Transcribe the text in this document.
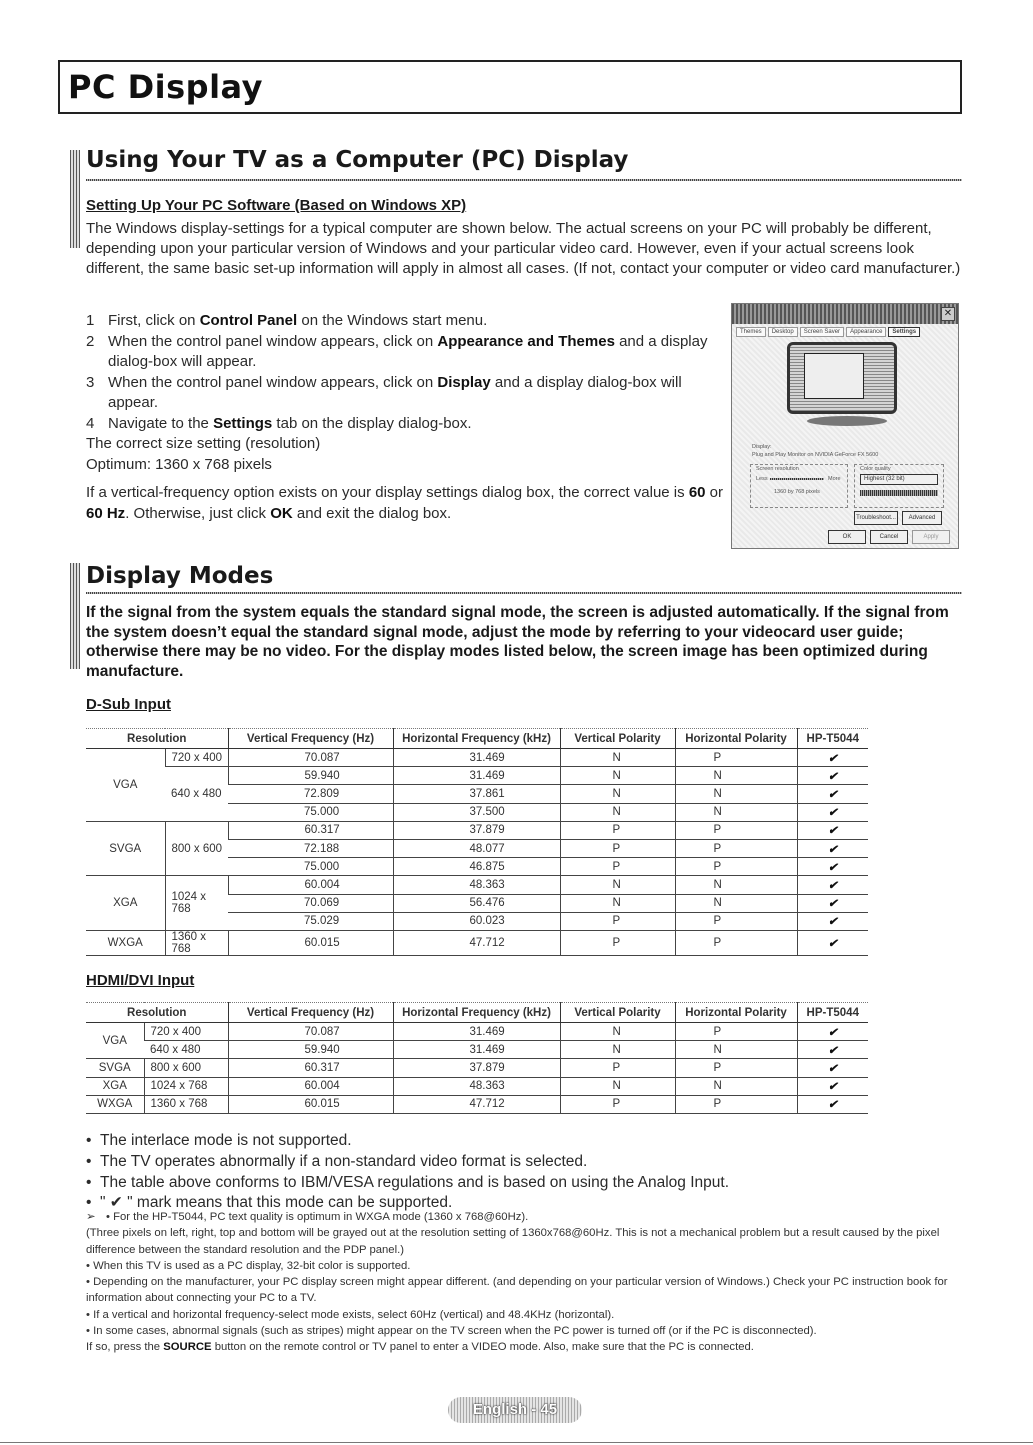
PC Display
Using Your TV as a Computer (PC) Display
Setting Up Your PC Software (Based on Windows XP)
The Windows display-settings for a typical computer are shown below. The actual screens on your PC will probably be different, depending upon your particular version of Windows and your particular video card. However, even if your actual screens look different, the same basic set-up information will apply in almost all cases. (If not, contact your computer or video card manufacturer.)
1 First, click on Control Panel on the Windows start menu.
2 When the control panel window appears, click on Appearance and Themes and a display dialog-box will appear.
3 When the control panel window appears, click on Display and a display dialog-box will appear.
4 Navigate to the Settings tab on the display dialog-box.
The correct size setting (resolution)
Optimum: 1360 x 768 pixels
If a vertical-frequency option exists on your display settings dialog box, the correct value is 60 or 60 Hz. Otherwise, just click OK and exit the dialog box.
✕
Themes	Desktop	Screen Saver	Appearance	Settings
Display:
Plug and Play Monitor on NVIDIA GeForce FX 5600
Screen resolution
Less	More
1360 by 768 pixels
Color quality
Highest (32 bit)
Troubleshoot...	Advanced
OK	Cancel	Apply
Display Modes
If the signal from the system equals the standard signal mode, the screen is adjusted automatically. If the signal from the system doesn’t equal the standard signal mode, adjust the mode by referring to your videocard user guide; otherwise there may be no video. For the display modes listed below, the screen image has been optimized during manufacture.
D-Sub Input
Resolution		Vertical Frequency (Hz)	Horizontal Frequency (kHz)	Vertical Polarity	Horizontal Polarity	HP-T5044
VGA	720 x 400	70.087	31.469	N	P	✔
	640 x 480	59.940	31.469	N	N	✔
		72.809	37.861	N	N	✔
		75.000	37.500	N	N	✔
SVGA	800 x 600	60.317	37.879	P	P	✔
		72.188	48.077	P	P	✔
		75.000	46.875	P	P	✔
XGA	1024 x 768	60.004	48.363	N	N	✔
		70.069	56.476	N	N	✔
		75.029	60.023	P	P	✔
WXGA	1360 x 768	60.015	47.712	P	P	✔
HDMI/DVI Input
Resolution		Vertical Frequency (Hz)	Horizontal Frequency (kHz)	Vertical Polarity	Horizontal Polarity	HP-T5044
VGA	720 x 400	70.087	31.469	N	P	✔
	640 x 480	59.940	31.469	N	N	✔
SVGA	800 x 600	60.317	37.879	P	P	✔
XGA	1024 x 768	60.004	48.363	N	N	✔
WXGA	1360 x 768	60.015	47.712	P	P	✔
• The interlace mode is not supported.
• The TV operates abnormally if a non-standard video format is selected.
• The table above conforms to IBM/VESA regulations and is based on using the Analog Input.
• " ✔ " mark means that this mode can be supported.
➢ • For the HP-T5044, PC text quality is optimum in WXGA mode (1360 x 768@60Hz).
(Three pixels on left, right, top and bottom will be grayed out at the resolution setting of 1360x768@60Hz. This is not a mechanical problem but a result caused by the pixel difference between the standard resolution and the PDP panel.)
• When this TV is used as a PC display, 32-bit color is supported.
• Depending on the manufacturer, your PC display screen might appear different. (and depending on your particular version of Windows.) Check your PC instruction book for information about connecting your PC to a TV.
• If a vertical and horizontal frequency-select mode exists, select 60Hz (vertical) and 48.4KHz (horizontal).
• In some cases, abnormal signals (such as stripes) might appear on the TV screen when the PC power is turned off (or if the PC is disconnected).
If so, press the SOURCE button on the remote control or TV panel to enter a VIDEO mode. Also, make sure that the PC is connected.
English - 45
